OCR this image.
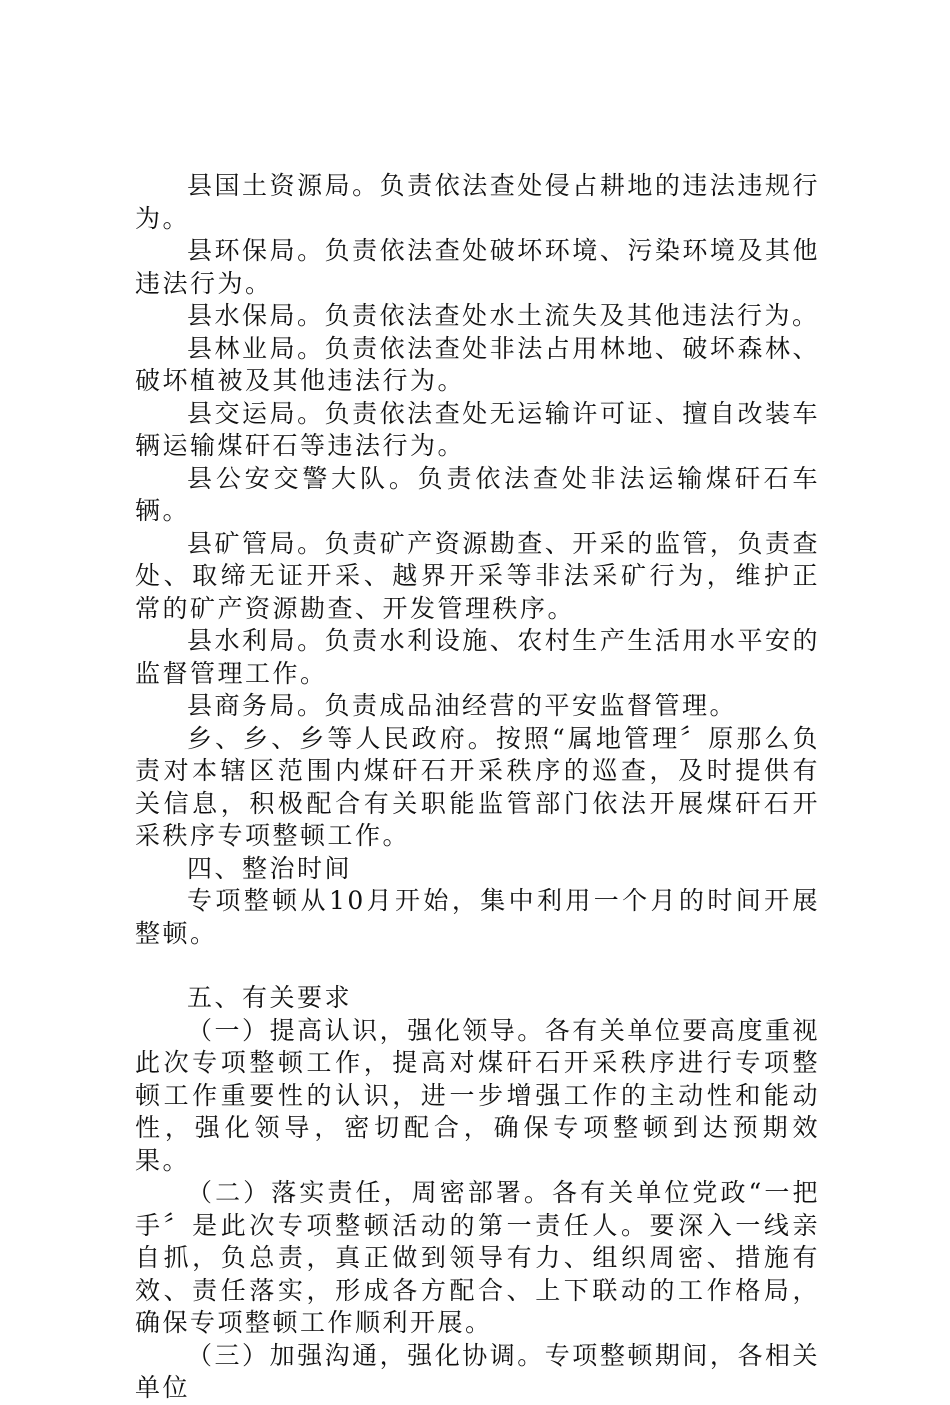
县国土资源局。负责依法查处侵占耕地的违法违规行为。

县环保局。负责依法查处破坏环境、污染环境及其他违法行为。

县水保局。负责依法查处水土流失及其他违法行为。

县林业局。负责依法查处非法占用林地、破坏森林、破坏植被及其他违法行为。

县交运局。负责依法查处无运输许可证、擅自改装车辆运输煤矸石等违法行为。

县公安交警大队。负责依法查处非法运输煤矸石车辆。

县矿管局。负责矿产资源勘查、开采的监管，负责查处、取缔无证开采、越界开采等非法采矿行为，维护正常的矿产资源勘查、开发管理秩序。

县水利局。负责水利设施、农村生产生活用水平安的监督管理工作。

县商务局。负责成品油经营的平安监督管理。

乡、乡、乡等人民政府。按照“属地管理〞原那么负责对本辖区范围内煤矸石开采秩序的巡查，及时提供有关信息，积极配合有关职能监管部门依法开展煤矸石开采秩序专项整顿工作。

四、整治时间

专项整顿从10月开始，集中利用一个月的时间开展整顿。

五、有关要求

（一）提高认识，强化领导。各有关单位要高度重视此次专项整顿工作，提高对煤矸石开采秩序进行专项整顿工作重要性的认识，进一步增强工作的主动性和能动性，强化领导，密切配合，确保专项整顿到达预期效果。

（二）落实责任，周密部署。各有关单位党政“一把手〞是此次专项整顿活动的第一责任人。要深入一线亲自抓，负总责，真正做到领导有力、组织周密、措施有效、责任落实，形成各方配合、上下联动的工作格局，确保专项整顿工作顺利开展。

（三）加强沟通，强化协调。专项整顿期间，各相关单位
